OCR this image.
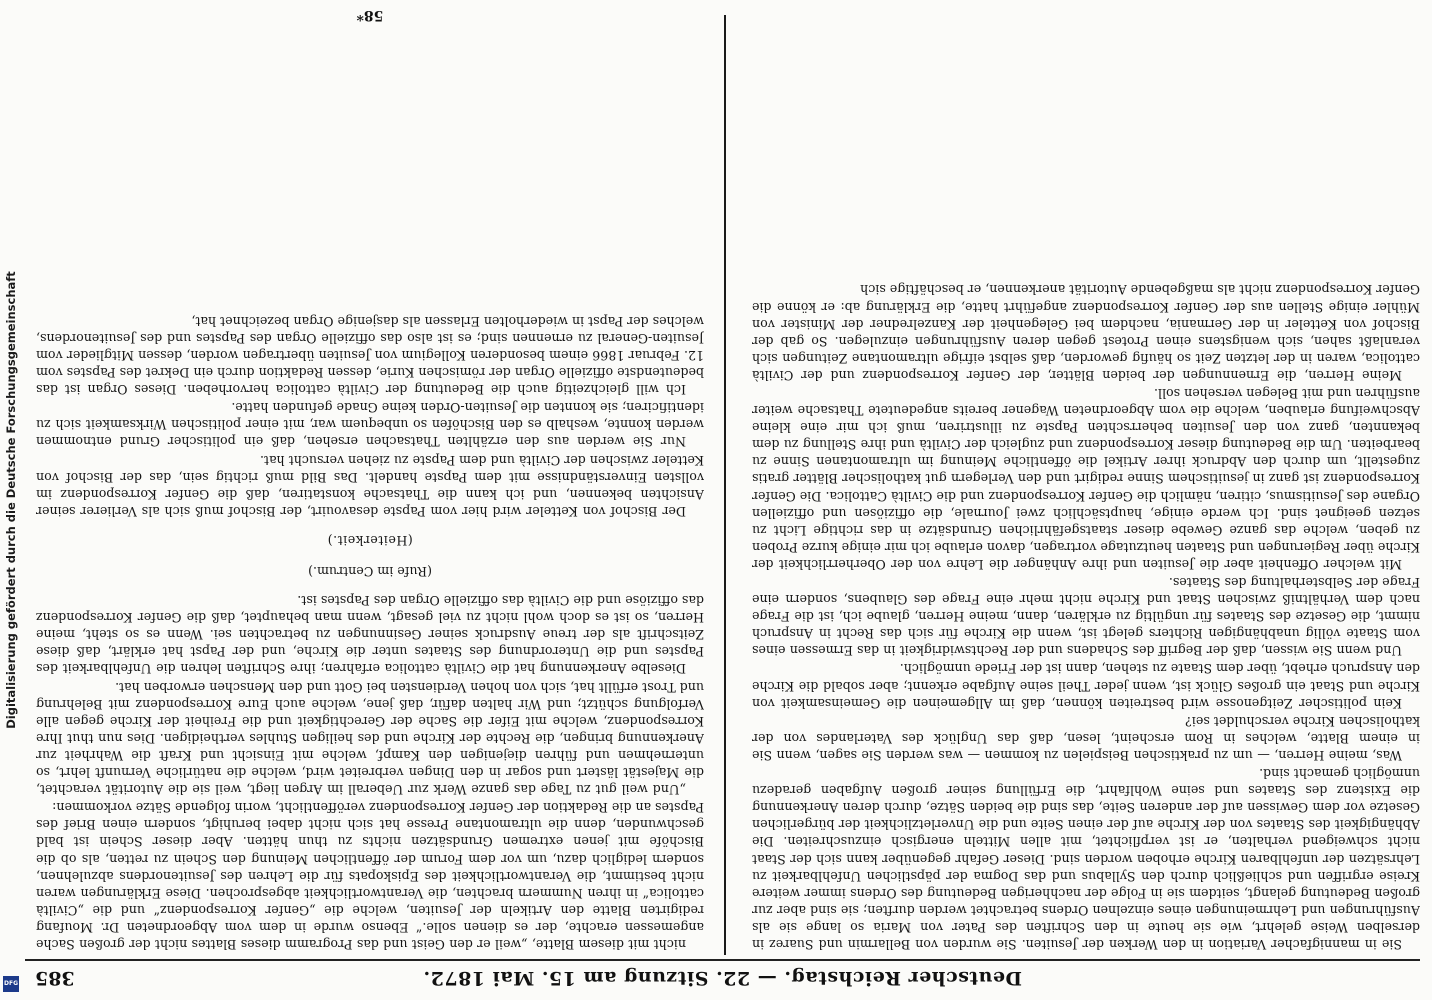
Deutscher Reichstag. — 22. Sitzung am 15. Mai 1872.
385

Sie in mannigfacher Variation in den Werken der Jesuiten. Sie wurden von Bellarmin und Suarez in derselben Weise gelehrt, wie sie heute in den Schriften des Pater von Maria so lange sie als Ausführungen und Lehrmeinungen eines einzelnen Ordens betrachtet werden durften; sie sind aber zur großen Bedeutung gelangt, seitdem sie in Folge der nachherigen Bedeutung des Ordens immer weitere Kreise ergriffen und schließlich durch den Syllabus und das Dogma der päpstlichen Unfehlbarkeit zu Lehrsätzen der unfehlbaren Kirche erhoben worden sind. Dieser Gefahr gegenüber kann sich der Staat nicht schweigend verhalten, er ist verpflichtet, mit allen Mitteln energisch einzuschreiten. Die Abhängigkeit des Staates von der Kirche auf der einen Seite und die Unverletzlichkeit der bürgerlichen Gesetze vor dem Gewissen auf der anderen Seite, das sind die beiden Sätze, durch deren Anerkennung die Existenz des Staates und seine Wohlfahrt, die Erfüllung seiner großen Aufgaben geradezu unmöglich gemacht sind.

Was, meine Herren, — um zu praktischen Beispielen zu kommen — was werden Sie sagen, wenn Sie in einem Blatte, welches in Rom erscheint, lesen, daß das Unglück des Vaterlandes von der katholischen Kirche verschuldet sei?

Kein politischer Zeitgenosse wird bestreiten können, daß im Allgemeinen die Gemeinsamkeit von Kirche und Staat ein großes Glück ist, wenn jeder Theil seine Aufgabe erkennt; aber sobald die Kirche den Anspruch erhebt, über dem Staate zu stehen, dann ist der Friede unmöglich.

Und wenn Sie wissen, daß der Begriff des Schadens und der Rechtswidrigkeit in das Ermessen eines vom Staate völlig unabhängigen Richters gelegt ist, wenn die Kirche für sich das Recht in Anspruch nimmt, die Gesetze des Staates für ungültig zu erklären, dann, meine Herren, glaube ich, ist die Frage nach dem Verhältniß zwischen Staat und Kirche nicht mehr eine Frage des Glaubens, sondern eine Frage der Selbsterhaltung des Staates.

Mit welcher Offenheit aber die Jesuiten und ihre Anhänger die Lehre von der Oberherrlichkeit der Kirche über Regierungen und Staaten heutzutage vortragen, davon erlaube ich mir einige kurze Proben zu geben, welche das ganze Gewebe dieser staatsgefährlichen Grundsätze in das richtige Licht zu setzen geeignet sind. Ich werde einige, hauptsächlich zwei Journale, die offiziösen und offiziellen Organe des Jesuitismus, citiren, nämlich die Genfer Korrespondenz und die Civiltà Cattolica. Die Genfer Korrespondenz ist ganz in jesuitischem Sinne redigirt und den Verlegern gut katholischer Blätter gratis zugestellt, um durch den Abdruck ihrer Artikel die öffentliche Meinung im ultramontanen Sinne zu bearbeiten. Um die Bedeutung dieser Korrespondenz und zugleich der Civiltà und ihre Stellung zu dem bekannten, ganz von den Jesuiten beherrschten Papste zu illustriren, muß ich mir eine kleine Abschweifung erlauben, welche die vom Abgeordneten Wagener bereits angedeutete Thatsache weiter ausführen und mit Belegen versehen soll.

Meine Herren, die Ernennungen der beiden Blätter, der Genfer Korrespondenz und der Civiltà cattolica, waren in der letzten Zeit so häufig geworden, daß selbst eifrige ultramontane Zeitungen sich veranlaßt sahen, sich wenigstens einen Protest gegen deren Ausführungen einzulegen. So gab der Bischof von Ketteler in der Germania, nachdem bei Gelegenheit der Kanzelredner der Minister von Mühler einige Stellen aus der Genfer Korrespondenz angeführt hatte, die Erklärung ab: er könne die Genfer Korrespondenz nicht als maßgebende Autorität anerkennen, er beschäftige sich

nicht mit diesem Blatte, „weil er den Geist und das Programm dieses Blattes nicht der großen Sache angemessen erachte, der es dienen solle.“ Ebenso wurde in dem vom Abgeordneten Dr. Moufang redigirten Blatte den Artikeln der Jesuiten, welche die „Genfer Korrespondenz“ und die „Civiltà cattolica“ in ihren Nummern brachten, die Verantwortlichkeit abgesprochen. Diese Erklärungen waren nicht bestimmt, die Verantwortlichkeit des Episkopats für die Lehren des Jesuitenordens abzulehnen, sondern lediglich dazu, um vor dem Forum der öffentlichen Meinung den Schein zu retten, als ob die Bischöfe mit jenen extremen Grundsätzen nichts zu thun hätten. Aber dieser Schein ist bald geschwunden, denn die ultramontane Presse hat sich nicht dabei beruhigt, sondern einen Brief des Papstes an die Redaktion der Genfer Korrespondenz veröffentlicht, worin folgende Sätze vorkommen:

„Und weil gut zu Tage das ganze Werk zur Ueberall im Argen liegt, weil sie die Autorität verachtet, die Majestät lästert und sogar in den Dingen verbreitet wird, welche die natürliche Vernunft lehrt, so unternehmen und führen diejenigen den Kampf, welche mit Einsicht und Kraft die Wahrheit zur Anerkennung bringen, die Rechte der Kirche und des heiligen Stuhles vertheidigen. Dies nun thut Ihre Korrespondenz, welche mit Eifer die Sache der Gerechtigkeit und die Freiheit der Kirche gegen alle Verfolgung schützt; und Wir halten dafür, daß jene, welche auch Eure Korrespondenz mit Belehrung und Trost erfüllt hat, sich von hohen Verdiensten bei Gott und den Menschen erworben hat.

Dieselbe Anerkennung hat die Civiltà cattolica erfahren; ihre Schriften lehren die Unfehlbarkeit des Papstes und die Unterordnung des Staates unter die Kirche, und der Papst hat erklärt, daß diese Zeitschrift als der treue Ausdruck seiner Gesinnungen zu betrachten sei. Wenn es so steht, meine Herren, so ist es doch wohl nicht zu viel gesagt, wenn man behauptet, daß die Genfer Korrespondenz das offiziöse und die Civiltà das offizielle Organ des Papstes ist.

(Rufe im Centrum.)

(Heiterkeit.)

Der Bischof von Ketteler wird hier vom Papste desavouirt, der Bischof muß sich als Verlierer seiner Ansichten bekennen, und ich kann die Thatsache konstatiren, daß die Genfer Korrespondenz im vollsten Einverständnisse mit dem Papste handelt. Das Bild muß richtig sein, das der Bischof von Ketteler zwischen der Civiltà und dem Papste zu ziehen versucht hat.

Nur Sie werden aus den erzählten Thatsachen ersehen, daß ein politischer Grund entnommen werden konnte, weshalb es den Bischöfen so unbequem war, mit einer politischen Wirksamkeit sich zu identificiren; sie konnten die Jesuiten-Orden keine Gnade gefunden hatte.

Ich will gleichzeitig auch die Bedeutung der Civiltà cattolica hervorheben. Dieses Organ ist das bedeutendste offizielle Organ der römischen Kurie, dessen Redaktion durch ein Dekret des Papstes vom 12. Februar 1866 einem besonderen Kollegium von Jesuiten übertragen worden, dessen Mitglieder vom Jesuiten-General zu ernennen sind; es ist also das offizielle Organ des Papstes und des Jesuitenordens, welches der Papst in wiederholten Erlassen als dasjenige Organ bezeichnet hat,

58*
Digitalisierung gefördert durch die Deutsche Forschungsgemeinschaft
DFG
